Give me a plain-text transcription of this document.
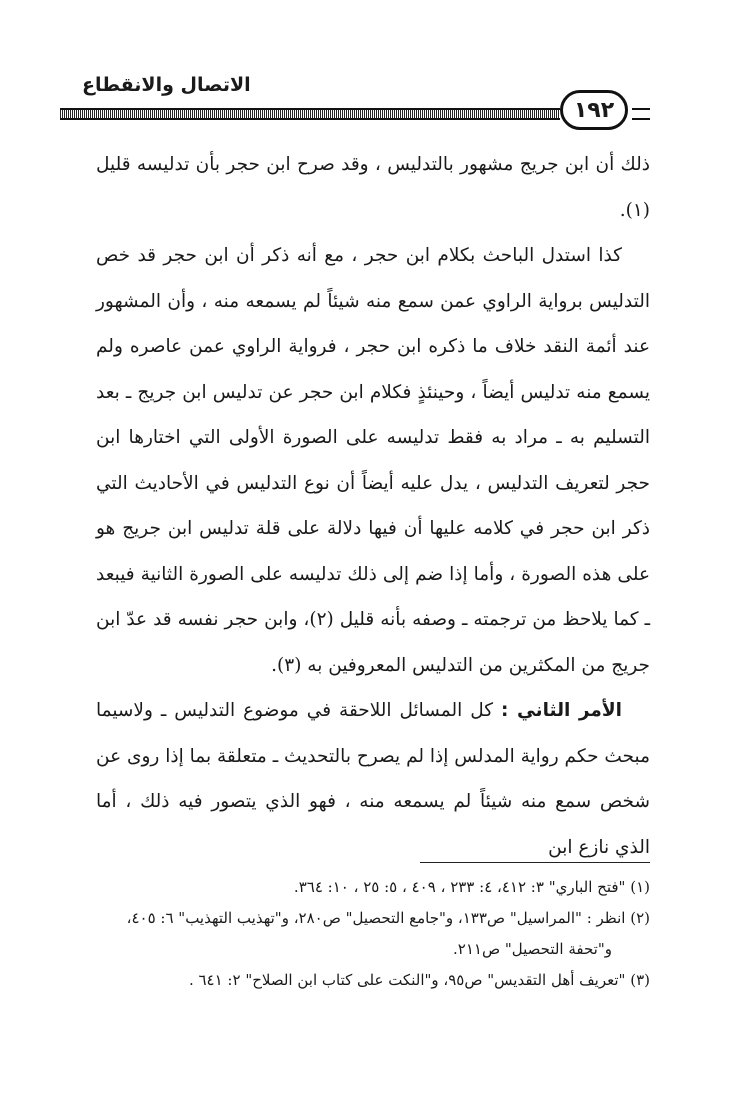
الاتصال والانقطاع
١٩٢

ذلك أن ابن جريج مشهور بالتدليس ، وقد صرح ابن حجر بأن تدليسه قليل (١).

كذا استدل الباحث بكلام ابن حجر ، مع أنه ذكر أن ابن حجر قد خص التدليس برواية الراوي عمن سمع منه شيئاً لم يسمعه منه ، وأن المشهور عند أئمة النقد خلاف ما ذكره ابن حجر ، فرواية الراوي عمن عاصره ولم يسمع منه تدليس أيضاً ، وحينئذٍ فكلام ابن حجر عن تدليس ابن جريج ـ بعد التسليم به ـ مراد به فقط تدليسه على الصورة الأولى التي اختارها ابن حجر لتعريف التدليس ، يدل عليه أيضاً أن نوع التدليس في الأحاديث التي ذكر ابن حجر في كلامه عليها أن فيها دلالة على قلة تدليس ابن جريج هو على هذه الصورة ، وأما إذا ضم إلى ذلك تدليسه على الصورة الثانية فيبعد ـ كما يلاحظ من ترجمته ـ وصفه بأنه قليل (٢)، وابن حجر نفسه قد عدّ ابن جريج من المكثرين من التدليس المعروفين به (٣).

الأمر الثاني : كل المسائل اللاحقة في موضوع التدليس ـ ولاسيما مبحث حكم رواية المدلس إذا لم يصرح بالتحديث ـ متعلقة بما إذا روى عن شخص سمع منه شيئاً لم يسمعه منه ، فهو الذي يتصور فيه ذلك ، أما الذي نازع ابن

(١) "فتح الباري" ٣: ٤١٢، ٤: ٢٣٣ ، ٤٠٩ ، ٥: ٢٥ ، ١٠: ٣٦٤.

(٢) انظر : "المراسيل" ص١٣٣، و"جامع التحصيل" ص٢٨٠، و"تهذيب التهذيب" ٦: ٤٠٥،

و"تحفة التحصيل" ص٢١١.

(٣) "تعريف أهل التقديس" ص٩٥، و"النكت على كتاب ابن الصلاح" ٢: ٦٤١ .
